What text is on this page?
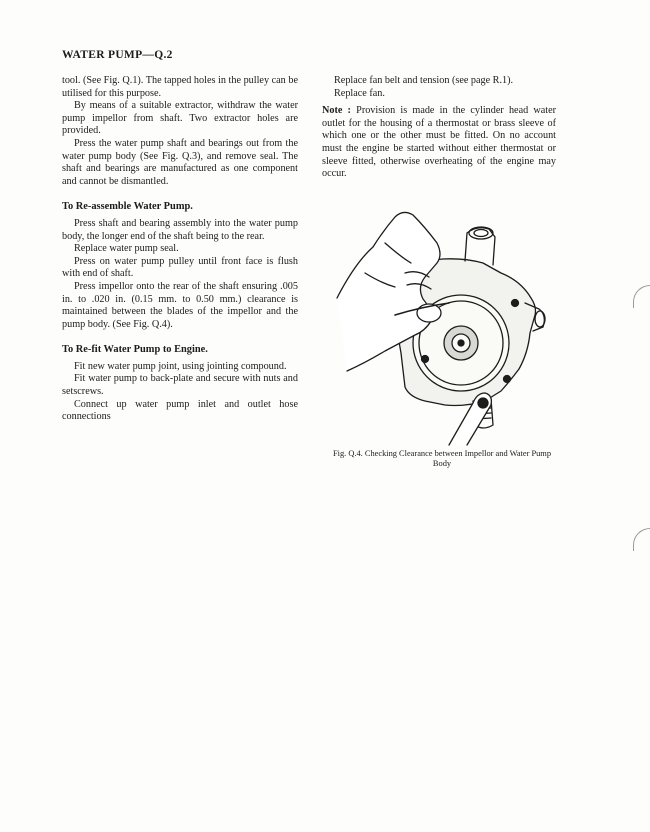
WATER PUMP—Q.2

tool. (See Fig. Q.1). The tapped holes in the pulley can be utilised for this purpose.

By means of a suitable extractor, withdraw the water pump impellor from shaft. Two extractor holes are provided.

Press the water pump shaft and bearings out from the water pump body (See Fig. Q.3), and remove seal. The shaft and bearings are manufactured as one component and cannot be dismantled.

To Re-assemble Water Pump.

Press shaft and bearing assembly into the water pump body, the longer end of the shaft being to the rear.

Replace water pump seal.

Press on water pump pulley until front face is flush with end of shaft.

Press impellor onto the rear of the shaft ensuring .005 in. to .020 in. (0.15 mm. to 0.50 mm.) clearance is maintained between the blades of the impellor and the pump body. (See Fig. Q.4).

To Re-fit Water Pump to Engine.

Fit new water pump joint, using jointing compound.

Fit water pump to back-plate and secure with nuts and setscrews.

Connect up water pump inlet and outlet hose connections

Replace fan belt and tension (see page R.1).

Replace fan.

Note : Provision is made in the cylinder head water outlet for the housing of a thermostat or brass sleeve of which one or the other must be fitted. On no account must the engine be started without either thermostat or sleeve fitted, otherwise overheating of the engine may occur.

Fig. Q.4. Checking Clearance between Impellor and Water Pump Body
